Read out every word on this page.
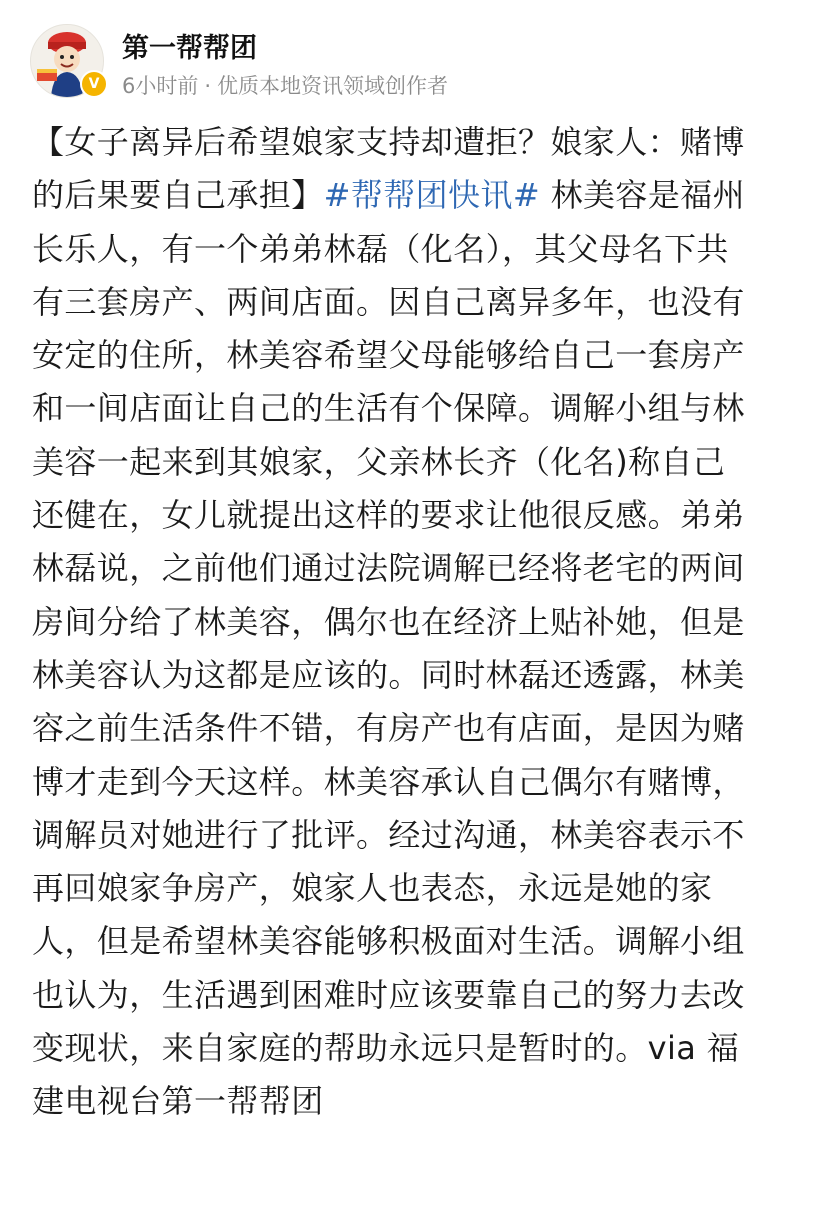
V
第一帮帮团
6小时前 · 优质本地资讯领域创作者
【女子离异后希望娘家支持却遭拒？娘家人：赌博
的后果要自己承担】#帮帮团快讯# 林美容是福州
长乐人，有一个弟弟林磊（化名），其父母名下共
有三套房产、两间店面。因自己离异多年，也没有
安定的住所，林美容希望父母能够给自己一套房产
和一间店面让自己的生活有个保障。调解小组与林
美容一起来到其娘家，父亲林长齐（化名)称自己
还健在，女儿就提出这样的要求让他很反感。弟弟
林磊说，之前他们通过法院调解已经将老宅的两间
房间分给了林美容，偶尔也在经济上贴补她，但是
林美容认为这都是应该的。同时林磊还透露，林美
容之前生活条件不错，有房产也有店面，是因为赌
博才走到今天这样。林美容承认自己偶尔有赌博，
调解员对她进行了批评。经过沟通，林美容表示不
再回娘家争房产，娘家人也表态，永远是她的家
人，但是希望林美容能够积极面对生活。调解小组
也认为，生活遇到困难时应该要靠自己的努力去改
变现状，来自家庭的帮助永远只是暂时的。via 福
建电视台第一帮帮团
